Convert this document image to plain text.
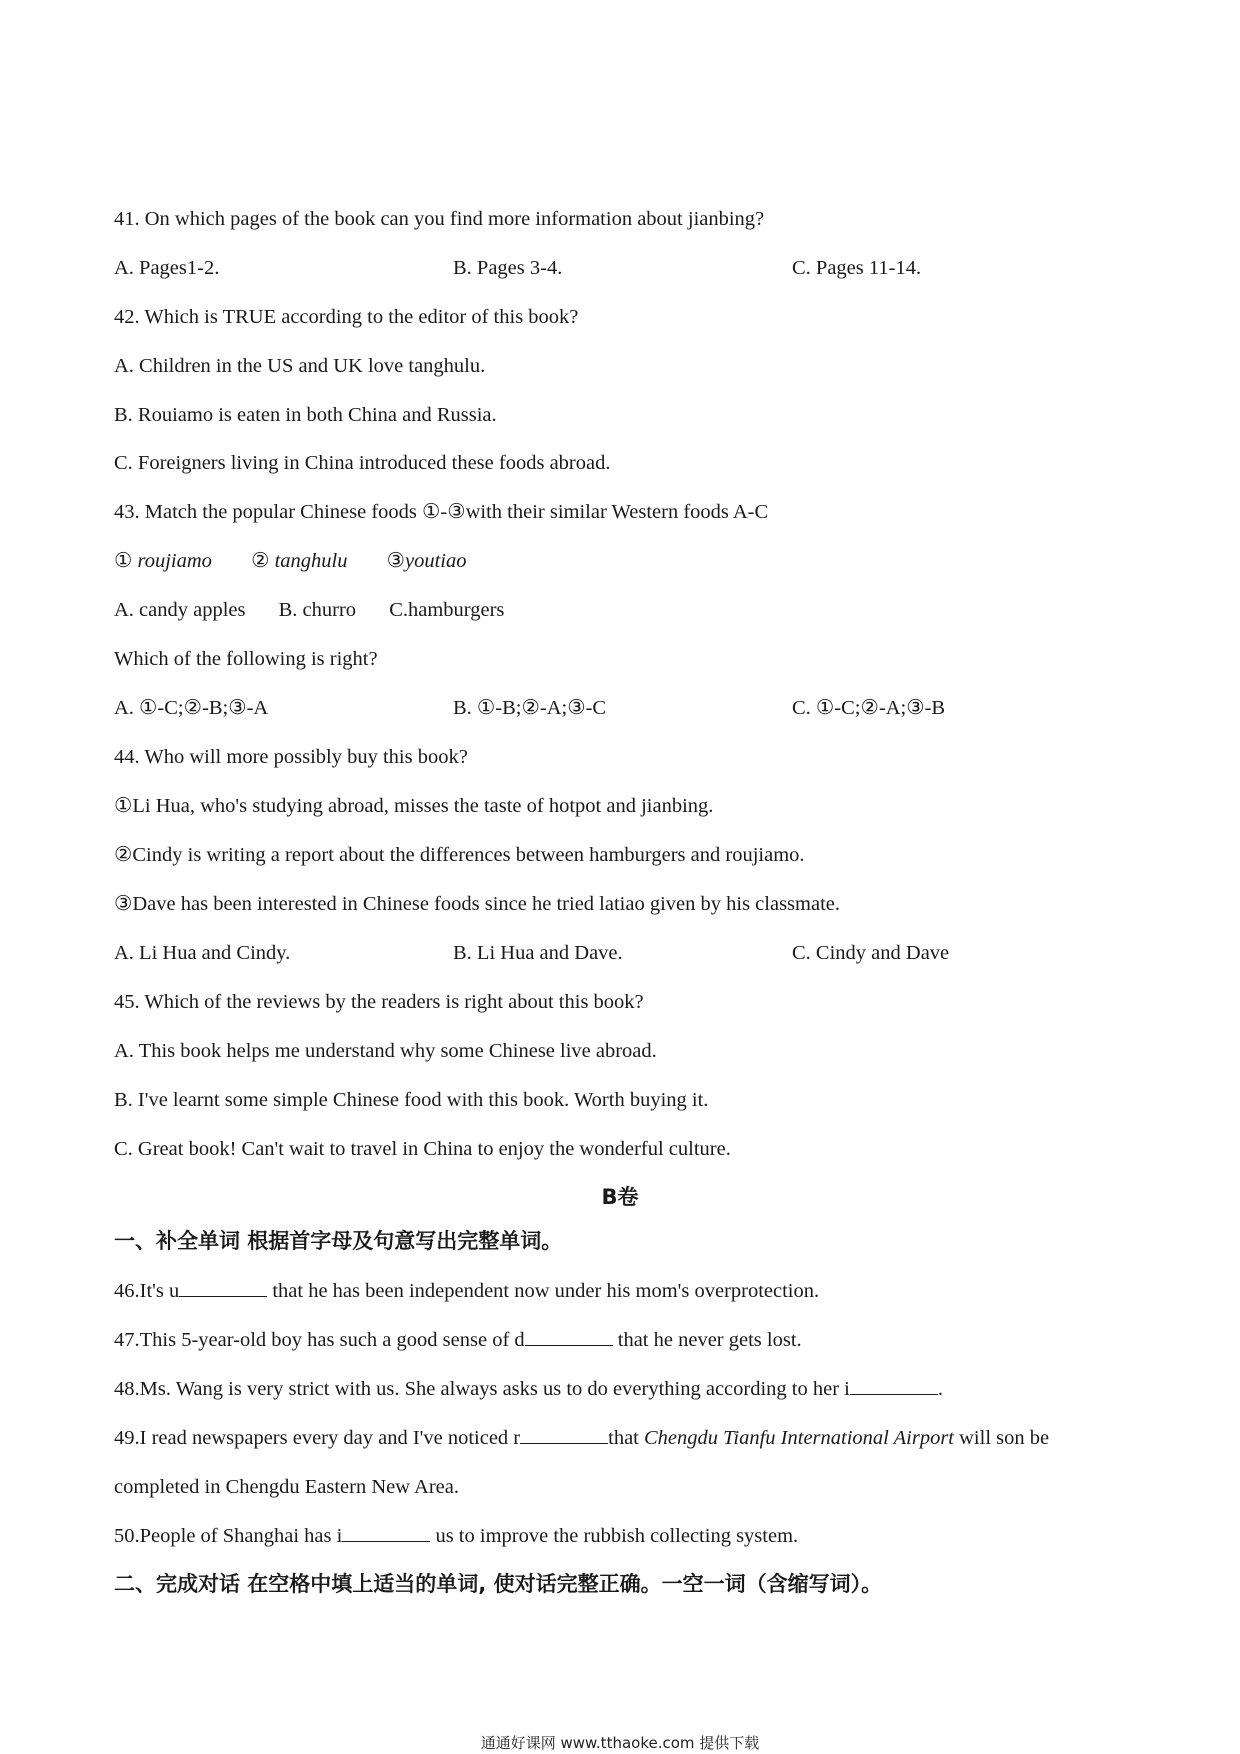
41. On which pages of the book can you find more information about jianbing?
A. Pages1-2.	B. Pages 3-4.	C. Pages 11-14.
42. Which is TRUE according to the editor of this book?
A. Children in the US and UK love tanghulu.
B. Rouiamo is eaten in both China and Russia.
C. Foreigners living in China introduced these foods abroad.
43. Match the popular Chinese foods ①-③with their similar Western foods A-C
① roujiamo ② tanghulu ③youtiao
A. candy apples B. churro C.hamburgers
Which of the following is right?
A. ①-C;②-B;③-A	B. ①-B;②-A;③-C	C. ①-C;②-A;③-B
44. Who will more possibly buy this book?
①Li Hua, who's studying abroad, misses the taste of hotpot and jianbing.
②Cindy is writing a report about the differences between hamburgers and roujiamo.
③Dave has been interested in Chinese foods since he tried latiao given by his classmate.
A. Li Hua and Cindy.	B. Li Hua and Dave.	C. Cindy and Dave
45. Which of the reviews by the readers is right about this book?
A. This book helps me understand why some Chinese live abroad.
B. I've learnt some simple Chinese food with this book. Worth buying it.
C. Great book! Can't wait to travel in China to enjoy the wonderful culture.
B卷
一、补全单词 根据首字母及句意写出完整单词。
46.It's u	that he has been independent now under his mom's overprotection.
47.This 5-year-old boy has such a good sense of d	that he never gets lost.
48.Ms. Wang is very strict with us. She always asks us to do everything according to her i	.
49.I read newspapers every day and I've noticed r	that Chengdu Tianfu International Airport will son be
completed in Chengdu Eastern New Area.
50.People of Shanghai has i	us to improve the rubbish collecting system.
二、完成对话 在空格中填上适当的单词, 使对话完整正确。一空一词（含缩写词）。
通通好课网 www.tthaoke.com 提供下载
